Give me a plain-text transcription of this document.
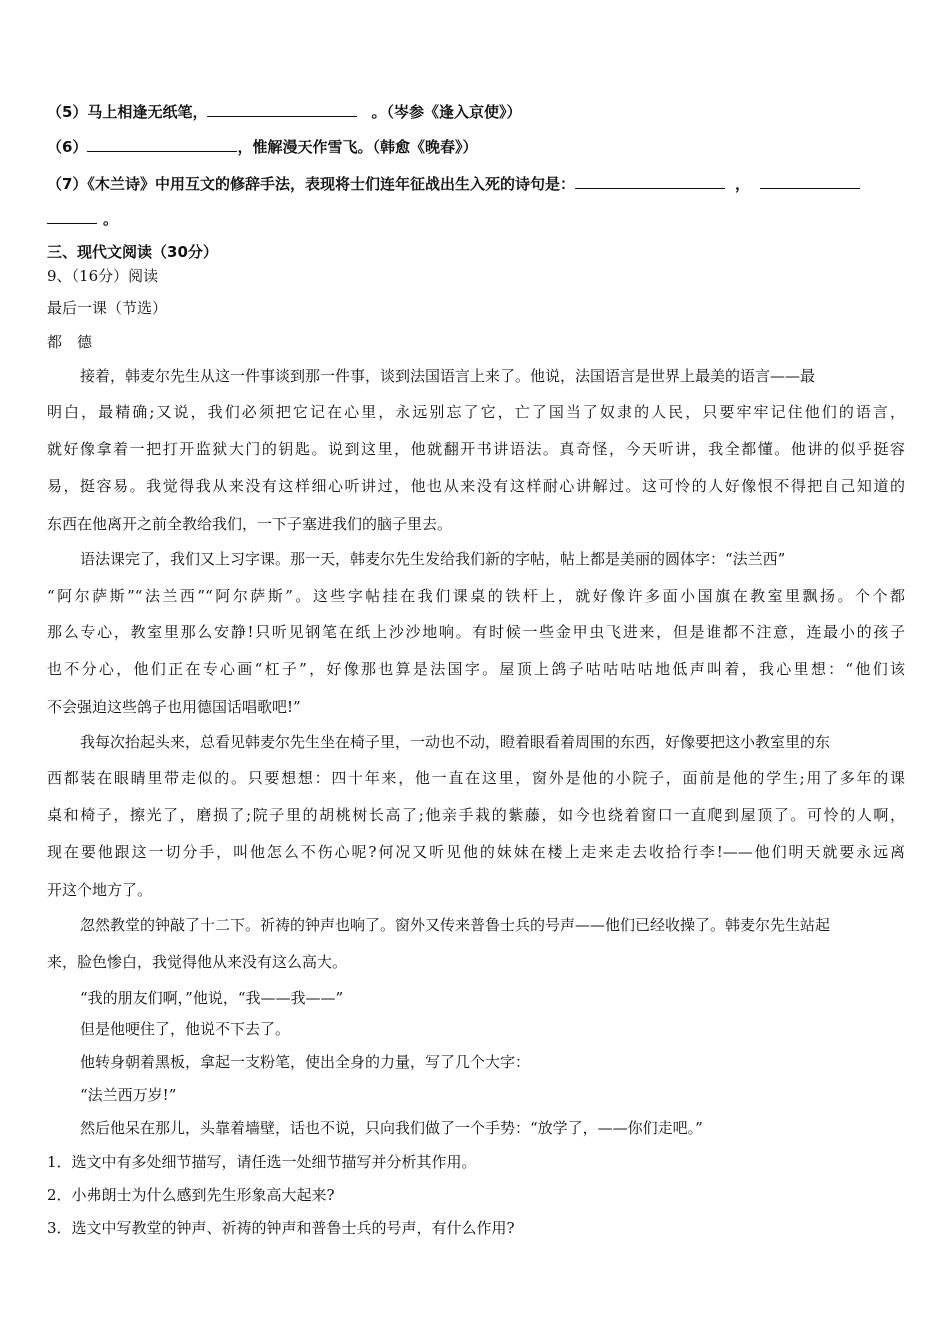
（5）马上相逢无纸笔，	。（岑参《逢入京使》）
（6）	，惟解漫天作雪飞。（韩愈《晚春》）
（7）《木兰诗》中用互文的修辞手法，表现将士们连年征战出生入死的诗句是：	，
。
三、现代文阅读（30分）
9、（16分）阅读
最后一课（节选）
都　德
接着，韩麦尔先生从这一件事谈到那一件事，谈到法国语言上来了。他说，法国语言是世界上最美的语言——最
明白，最精确;又说，我们必须把它记在心里，永远别忘了它，亡了国当了奴隶的人民，只要牢牢记住他们的语言，
就好像拿着一把打开监狱大门的钥匙。说到这里，他就翻开书讲语法。真奇怪，今天听讲，我全都懂。他讲的似乎挺容
易，挺容易。我觉得我从来没有这样细心听讲过，他也从来没有这样耐心讲解过。这可怜的人好像恨不得把自己知道的
东西在他离开之前全教给我们，一下子塞进我们的脑子里去。
语法课完了，我们又上习字课。那一天，韩麦尔先生发给我们新的字帖，帖上都是美丽的圆体字：“法兰西”
“阿尔萨斯”“法兰西”“阿尔萨斯”。这些字帖挂在我们课桌的铁杆上，就好像许多面小国旗在教室里飘扬。个个都
那么专心，教室里那么安静!只听见钢笔在纸上沙沙地响。有时候一些金甲虫飞进来，但是谁都不注意，连最小的孩子
也不分心，他们正在专心画“杠子”，好像那也算是法国字。屋顶上鸽子咕咕咕咕地低声叫着，我心里想：“他们该
不会强迫这些鸽子也用德国话唱歌吧!”
我每次抬起头来，总看见韩麦尔先生坐在椅子里，一动也不动，瞪着眼看着周围的东西，好像要把这小教室里的东
西都装在眼睛里带走似的。只要想想：四十年来，他一直在这里，窗外是他的小院子，面前是他的学生;用了多年的课
桌和椅子，擦光了，磨损了;院子里的胡桃树长高了;他亲手栽的紫藤，如今也绕着窗口一直爬到屋顶了。可怜的人啊，
现在要他跟这一切分手，叫他怎么不伤心呢?何况又听见他的妹妹在楼上走来走去收拾行李!——他们明天就要永远离
开这个地方了。
忽然教堂的钟敲了十二下。祈祷的钟声也响了。窗外又传来普鲁士兵的号声——他们已经收操了。韩麦尔先生站起
来，脸色惨白，我觉得他从来没有这么高大。
“我的朋友们啊，”他说，“我——我——”
但是他哽住了，他说不下去了。
他转身朝着黑板，拿起一支粉笔，使出全身的力量，写了几个大字：
“法兰西万岁!”
然后他呆在那儿，头靠着墙壁，话也不说，只向我们做了一个手势：“放学了，——你们走吧。”
1．选文中有多处细节描写，请任选一处细节描写并分析其作用。
2．小弗朗士为什么感到先生形象高大起来?
3．选文中写教堂的钟声、祈祷的钟声和普鲁士兵的号声，有什么作用?
